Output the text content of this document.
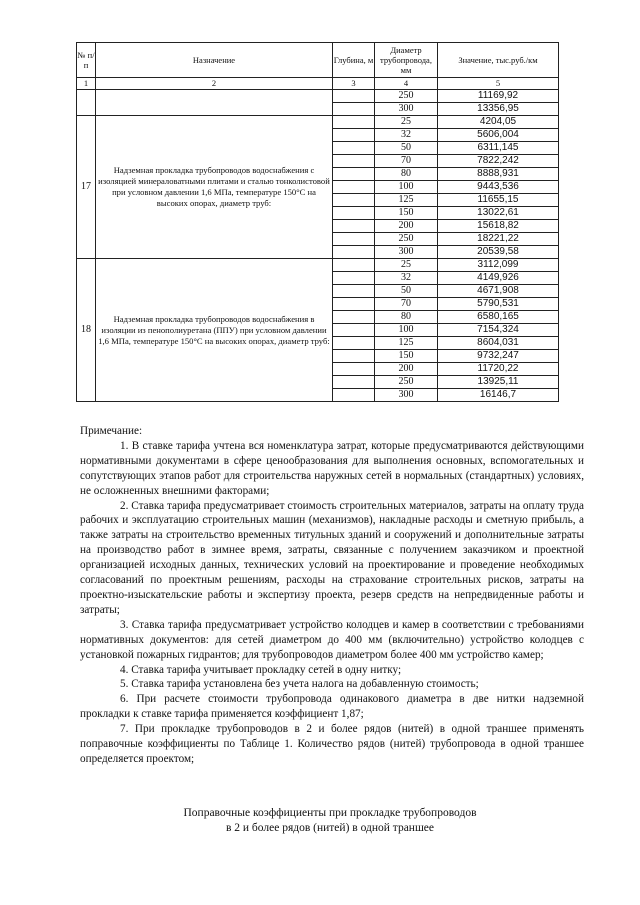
№ п/п	Назначение	Глубина, м	Диаметр трубопровода, мм	Значение, тыс.руб./км
1	2	3	4	5
			250	11169,92
			300	13356,95
17	Надземная прокладка трубопроводов водоснабжения с изоляцией минераловатными плитами и сталью тонколистовой при условном давлении 1,6 МПа, температуре 150°С на высоких опорах, диаметр труб:		25	4204,05
			32	5606,004
			50	6311,145
			70	7822,242
			80	8888,931
			100	9443,536
			125	11655,15
			150	13022,61
			200	15618,82
			250	18221,22
			300	20539,58
18	Надземная прокладка трубопроводов водоснабжения в изоляции из пенополиуретана (ППУ) при условном давлении 1,6 МПа, температуре 150°С на высоких опорах, диаметр труб:		25	3112,099
			32	4149,926
			50	4671,908
			70	5790,531
			80	6580,165
			100	7154,324
			125	8604,031
			150	9732,247
			200	11720,22
			250	13925,11
			300	16146,7
Примечание:

1. В ставке тарифа учтена вся номенклатура затрат, которые предусматриваются действующими нормативными документами в сфере ценообразования для выполнения основных, вспомогательных и сопутствующих этапов работ для строительства наружных сетей в нормальных (стандартных) условиях, не осложненных внешними факторами;

2. Ставка тарифа предусматривает стоимость строительных материалов, затраты на оплату труда рабочих и эксплуатацию строительных машин (механизмов), накладные расходы и сметную прибыль, а также затраты на строительство временных титульных зданий и сооружений и дополнительные затраты на производство работ в зимнее время, затраты, связанные с получением заказчиком и проектной организацией исходных данных, технических условий на проектирование и проведение необходимых согласований по проектным решениям, расходы на страхование строительных рисков, затраты на проектно-изыскательские работы и экспертизу проекта, резерв средств на непредвиденные работы и затраты;

3. Ставка тарифа предусматривает устройство колодцев и камер в соответствии с требованиями нормативных документов: для сетей диаметром до 400 мм (включительно) устройство колодцев с установкой пожарных гидрантов; для трубопроводов диаметром более 400 мм устройство камер;

4. Ставка тарифа учитывает прокладку сетей в одну нитку;

5. Ставка тарифа установлена без учета налога на добавленную стоимость;

6. При расчете стоимости трубопровода одинакового диаметра в две нитки надземной прокладки к ставке тарифа применяется коэффициент 1,87;

7. При прокладке трубопроводов в 2 и более рядов (нитей) в одной траншее применять поправочные коэффициенты по Таблице 1. Количество рядов (нитей) трубопровода в одной траншее определяется проектом;

Поправочные коэффициенты при прокладке трубопроводов
в 2 и более рядов (нитей) в одной траншее
